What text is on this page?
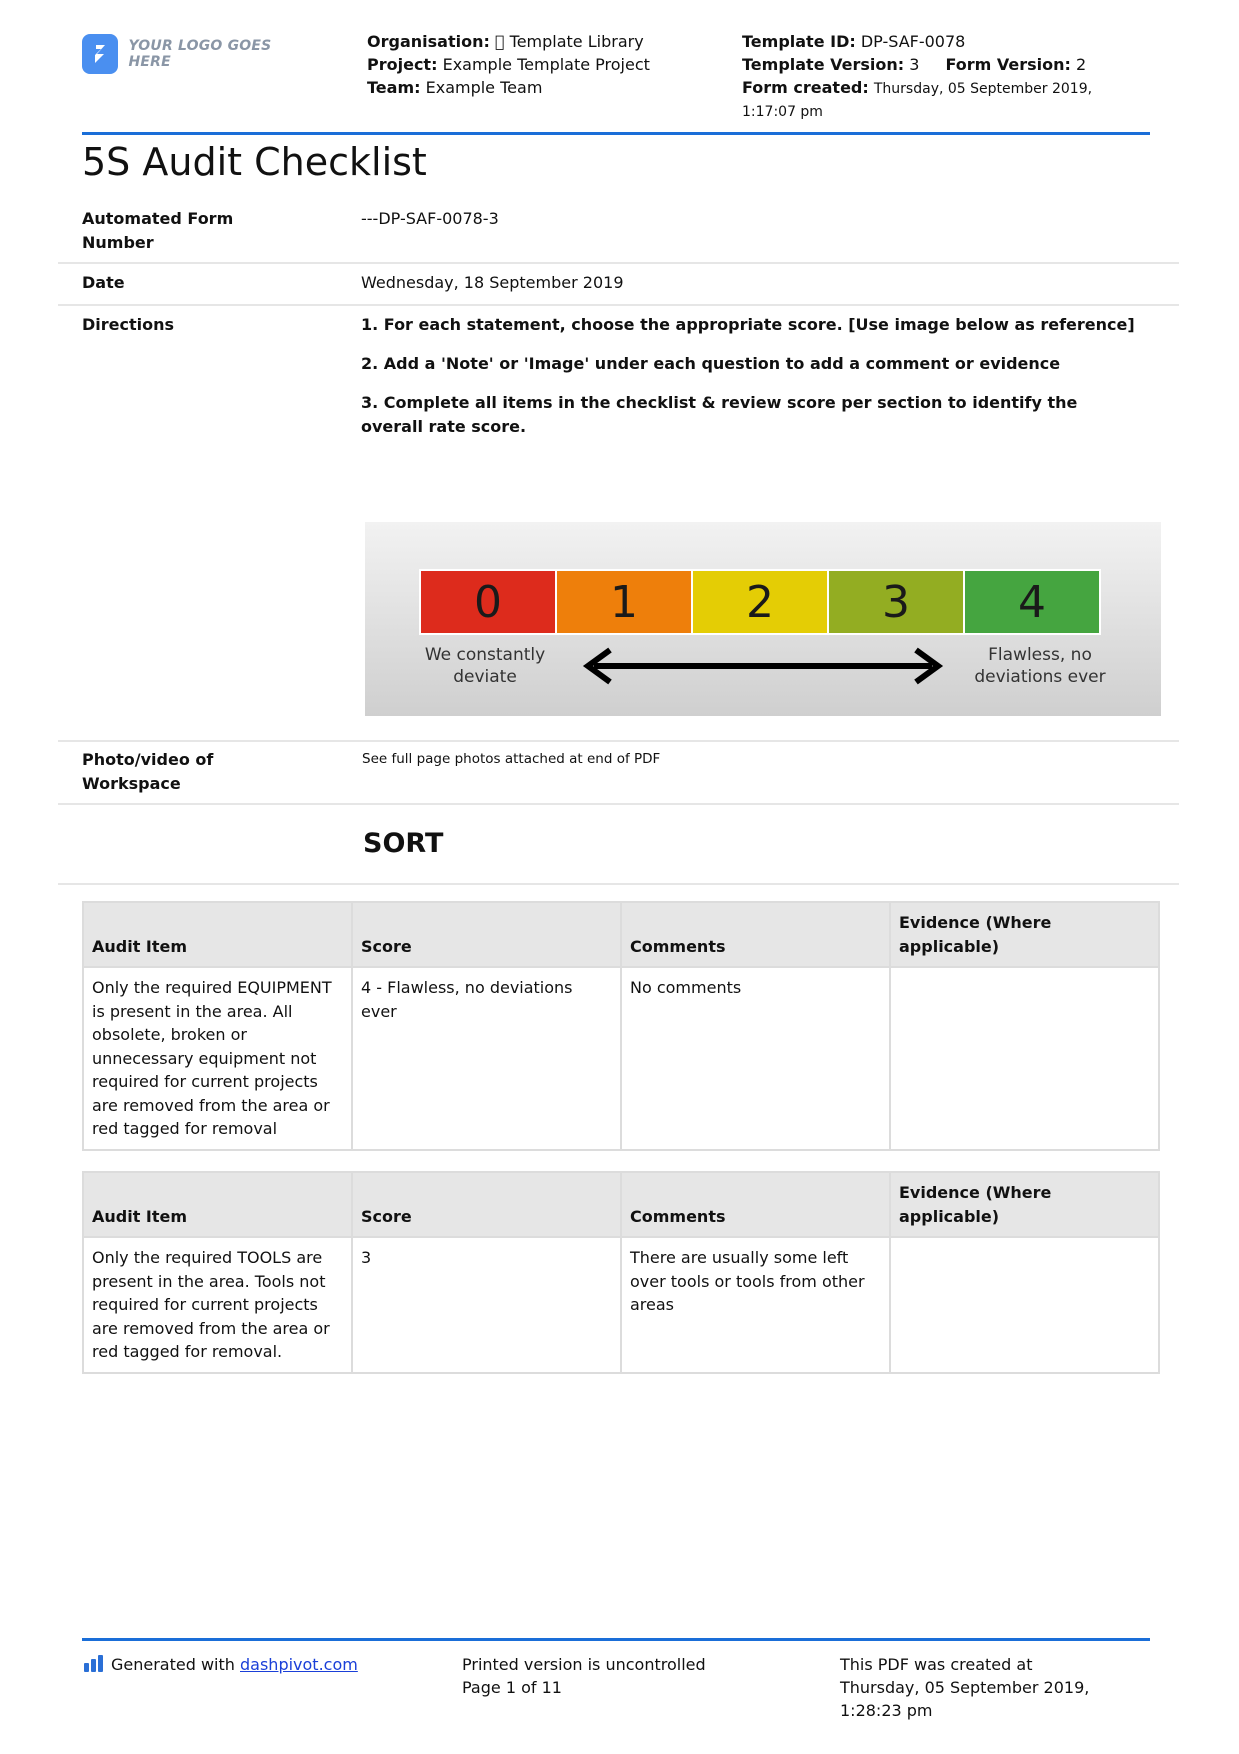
YOUR LOGO GOES HERE
Organisation: Template Library
Project: Example Template Project
Team: Example Team
Template ID: DP-SAF-0078
Template Version: 3 Form Version: 2
Form created: Thursday, 05 September 2019,
1:17:07 pm
5S Audit Checklist
Automated Form
Number
---DP-SAF-0078-3
Date	Wednesday, 18 September 2019
Directions	1. For each statement, choose the appropriate score. [Use image below as reference]

2. Add a 'Note' or 'Image' under each question to add a comment or evidence

3. Complete all items in the checklist & review score per section to identify the overall rate score.

0	1	2	3	4
We constantly
deviate
Flawless, no
deviations ever
Photo/video of
Workspace
See full page photos attached at end of PDF
SORT
Audit Item	Score	Comments	Evidence (Where applicable)
Only the required EQUIPMENT is present in the area. All obsolete, broken or unnecessary equipment not required for current projects are removed from the area or red tagged for removal	4 - Flawless, no deviations ever	No comments	
Audit Item	Score	Comments	Evidence (Where applicable)
Only the required TOOLS are present in the area. Tools not required for current projects are removed from the area or red tagged for removal.	3	There are usually some left over tools or tools from other areas	
Generated with dashpivot.com	Printed version is uncontrolled
Page 1 of 11
This PDF was created at
Thursday, 05 September 2019,
1:28:23 pm
